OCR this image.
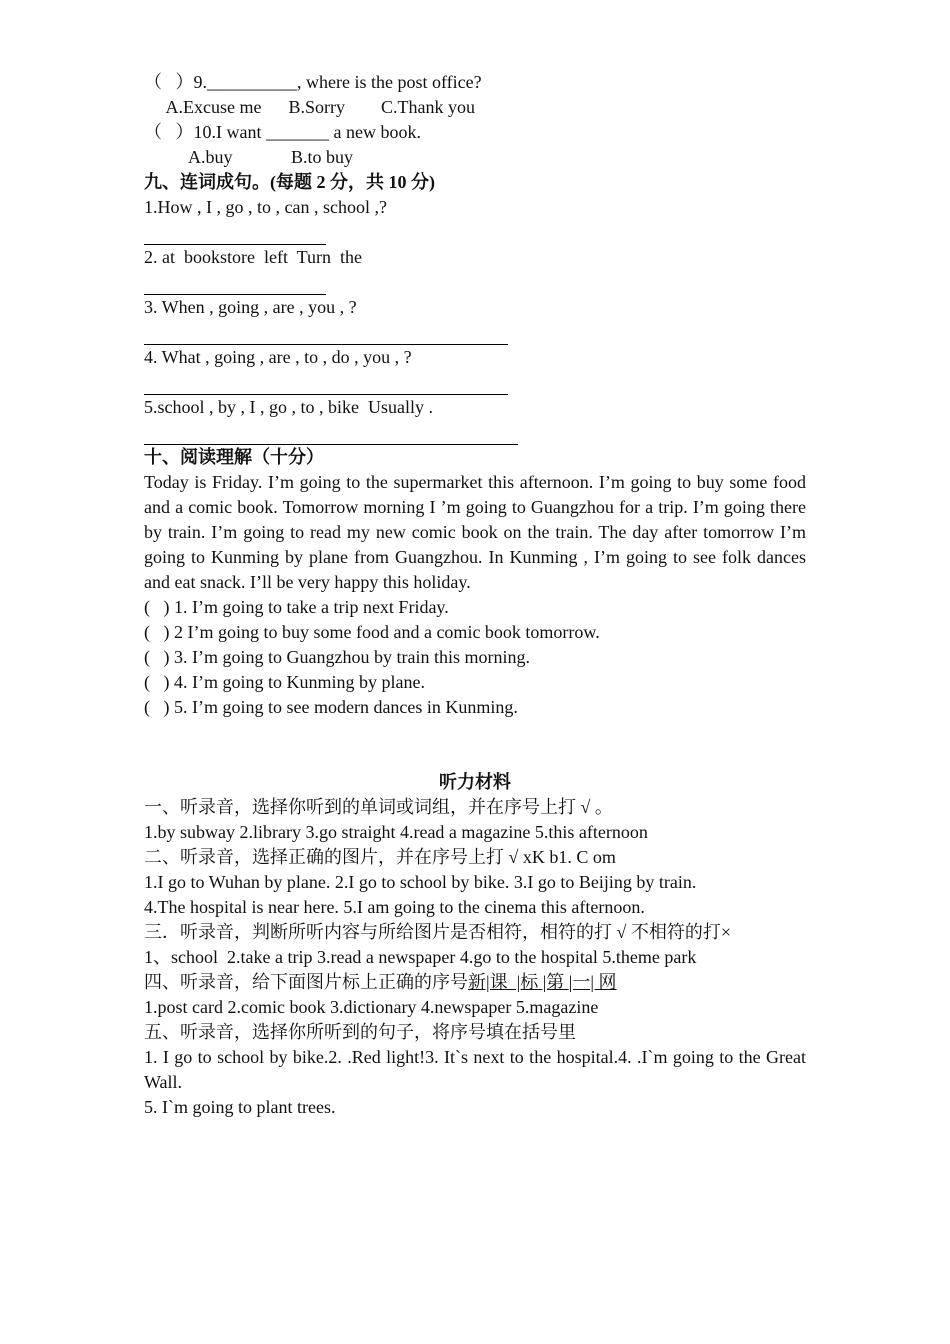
（   ）9.__________, where is the post office?
A.Excuse me      B.Sorry        C.Thank you
（   ）10.I want _______ a new book.
A.buy             B.to buy
九、连词成句。(每题 2 分，共 10 分)
1.How , I , go , to , can , school ,?
2. at  bookstore  left  Turn  the
3. When , going , are , you , ?
4. What , going , are , to , do , you , ?
5.school , by , I , go , to , bike  Usually .
十、阅读理解（十分）
Today is Friday. I’m going to the supermarket this afternoon. I’m going to buy some food and a comic book. Tomorrow morning I ’m going to Guangzhou for a trip. I’m going there by train. I’m going to read my new comic book on the train. The day after tomorrow I’m going to Kunming by plane from Guangzhou. In Kunming , I’m going to see folk dances and eat snack. I’ll be very happy this holiday.
(   ) 1. I’m going to take a trip next Friday.
(   ) 2 I’m going to buy some food and a comic book tomorrow.
(   ) 3. I’m going to Guangzhou by train this morning.
(   ) 4. I’m going to Kunming by plane.
(   ) 5. I’m going to see modern dances in Kunming.
听力材料
一、听录音，选择你听到的单词或词组，并在序号上打 √ 。
1.by subway 2.library 3.go straight 4.read a magazine 5.this afternoon
二、听录音，选择正确的图片，并在序号上打 √ xK b1. C om
1.I go to Wuhan by plane. 2.I go to school by bike. 3.I go to Beijing by train.
4.The hospital is near here. 5.I am going to the cinema this afternoon.
三．听录音，判断所听内容与所给图片是否相符，相符的打 √ 不相符的打×
1、school  2.take a trip 3.read a newspaper 4.go to the hospital 5.theme park
四、听录音，给下面图片标上正确的序号新|课  |标 |第 |一| 网
1.post card 2.comic book 3.dictionary 4.newspaper 5.magazine
五、听录音，选择你所听到的句子，将序号填在括号里
1. I go to school by bike.2. .Red light!3. It`s next to the hospital.4. .I`m going to the Great Wall.
5. I`m going to plant trees.
